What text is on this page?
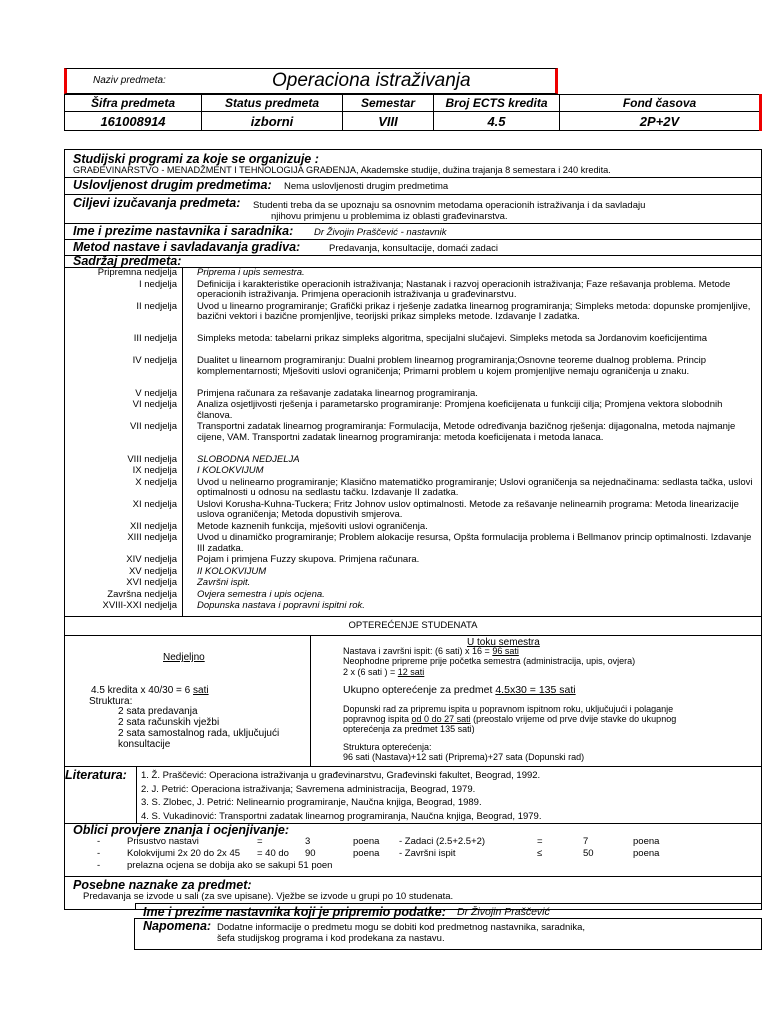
Naziv predmeta:	Operaciona istraživanja
Šifra predmeta	Status predmeta	Semestar	Broj ECTS kredita	Fond časova
161008914	izborni	VIII	4.5	2P+2V
Studijski programi za koje se organizuje :
GRAĐEVINARSTVO - MENADŽMENT I TEHNOLOGIJA GRAĐENJA, Akademske studije, dužina trajanja 8 semestara i 240 kredita.
Uslovljenost drugim predmetima: Nema uslovljenosti drugim predmetima
Ciljevi izučavanja predmeta: Studenti treba da se upoznaju sa osnovnim metodama operacionih istraživanja i da savladaju
njihovu primjenu u problemima iz oblasti građevinarstva.
Ime i prezime nastavnika i saradnika: Dr Živojin Praščević - nastavnik
Metod nastave i savladavanja gradiva:	Predavanja, konsultacije, domaći zadaci
Sadržaj predmeta:
Pripremna nedjelja Priprema i upis semestra.
I nedjelja Definicija i karakteristike operacionih istraživanja; Nastanak i razvoj operacionih istraživanja; Faze rešavanja problema. Metode operacionih istraživanja. Primjena operacionih istraživanja u građevinarstvu.
II nedjelja Uvod u linearno programiranje; Grafički prikaz i rješenje zadatka linearnog programiranja; Simpleks metoda: dopunske promjenljive, bazični vektori i bazične promjenljive, teorijski prikaz simpleks metode. Izdavanje I zadatka.
III nedjelja Simpleks metoda: tabelarni prikaz simpleks algoritma, specijalni slučajevi. Simpleks metoda sa Jordanovim koeficijentima
IV nedjelja Dualitet u linearnom programiranju: Dualni problem linearnog programiranja;Osnovne teoreme dualnog problema. Princip komplementarnosti; Mješoviti uslovi ograničenja; Primarni problem u kojem promjenljive nemaju ograničenja u znaku.
V nedjelja Primjena računara za rešavanje zadataka linearnog programiranja.
VI nedjelja Analiza osjetljivosti rješenja i parametarsko programiranje: Promjena koeficijenata u funkciji cilja; Promjena vektora slobodnih članova.
VII nedjelja Transportni zadatak linearnog programiranja: Formulacija, Metode određivanja bazičnog rješenja: dijagonalna, metoda najmanje cijene, VAM. Transportni zadatak linearnog programiranja: metoda koeficijenata i metoda lanaca.
VIII nedjelja SLOBODNA NEDJELJA
IX nedjelja I KOLOKVIJUM
X nedjelja Uvod u nelinearno programiranje; Klasično matematičko programiranje; Uslovi ograničenja sa nejednačinama: sedlasta tačka, uslovi optimalnosti u odnosu na sedlastu tačku. Izdavanje II zadatka.
XI nedjelja Uslovi Korusha-Kuhna-Tuckera; Fritz Johnov uslov optimalnosti. Metode za rešavanje nelinearnih programa: Metoda linearizacije uslova ograničenja; Metoda dopustivih smjerova.
XII nedjelja Metode kaznenih funkcija, mješoviti uslovi ograničenja.
XIII nedjelja Uvod u dinamičko programiranje; Problem alokacije resursa, Opšta formulacija problema i Bellmanov princip optimalnosti. Izdavanje III zadatka.
XIV nedjelja Pojam i primjena Fuzzy skupova. Primjena računara.
XV nedjelja II KOLOKVIJUM
XVI nedjelja Završni ispit.
Završna nedjelja Ovjera semestra i upis ocjena.
XVIII-XXI nedjelja Dopunska nastava i popravni ispitni rok.
OPTEREĆENJE STUDENATA
Nedjeljno
4.5 kredita x 40/30 = 6 sati
Struktura:
2 sata predavanja
2 sata računskih vježbi
2 sata samostalnog rada, uključujući
konsultacije
U toku semestra
Nastava i završni ispit: (6 sati) x 16 = 96 sati
Neophodne pripreme prije početka semestra (administracija, upis, ovjera)
2 x (6 sati ) = 12 sati
Ukupno opterećenje za predmet 4.5x30 = 135 sati
Dopunski rad za pripremu ispita u popravnom ispitnom roku, uključujući i polaganje
popravnog ispita od 0 do 27 sati (preostalo vrijeme od prve dvije stavke do ukupnog
opterećenja za predmet 135 sati)
Struktura opterećenja:
96 sati (Nastava)+12 sati (Priprema)+27 sata (Dopunski rad)
Literatura: 1. Ž. Praščević: Operaciona istraživanja u građevinarstvu, Građevinski fakultet, Beograd, 1992.
2. J. Petrić: Operaciona istraživanja; Savremena administracija, Beograd, 1979.
3. S. Zlobec, J. Petrić: Nelinearnio programiranje, Naučna knjiga, Beograd, 1989.
4. S. Vukadinović: Transportni zadatak linearnog programiranja, Naučna knjiga, Beograd, 1979.
Oblici provjere znanja i ocjenjivanje:
-	Prisustvo nastavi	=	3	poena - Zadaci (2.5+2.5+2)	=	7	poena
-	Kolokvijumi 2x 20 do 2x 45 = 40 do 90	poena - Završni ispit	≤	50	poena
-	prelazna ocjena se dobija ako se sakupi 51 poen
Posebne naznake za predmet:
Predavanja se izvode u sali (za sve upisane). Vježbe se izvode u grupi po 10 studenata.
Ime i prezime nastavnika koji je pripremio podatke: Dr Živojin Praščević
Napomena: Dodatne informacije o predmetu mogu se dobiti kod predmetnog nastavnika, saradnika,
šefa studijskog programa i kod prodekana za nastavu.
